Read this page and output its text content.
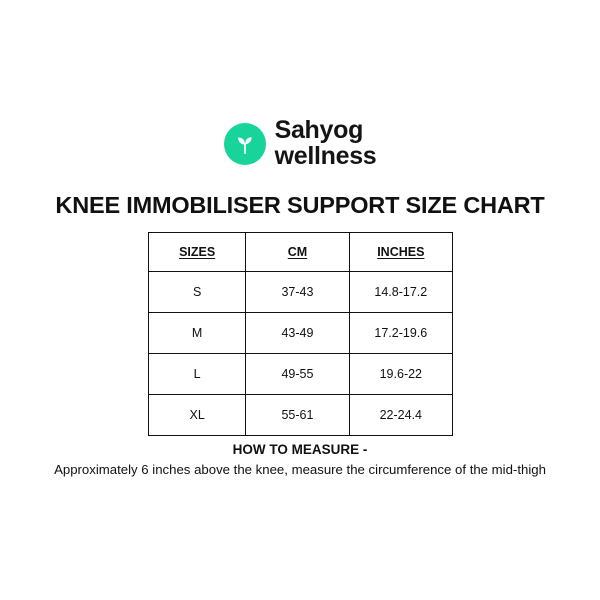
Sahyog
wellness
KNEE IMMOBILISER SUPPORT SIZE CHART
SIZES	CM	INCHES
S	37-43	14.8-17.2
M	43-49	17.2-19.6
L	49-55	19.6-22
XL	55-61	22-24.4
HOW TO MEASURE -
Approximately 6 inches above the knee, measure the circumference of the mid-thigh
